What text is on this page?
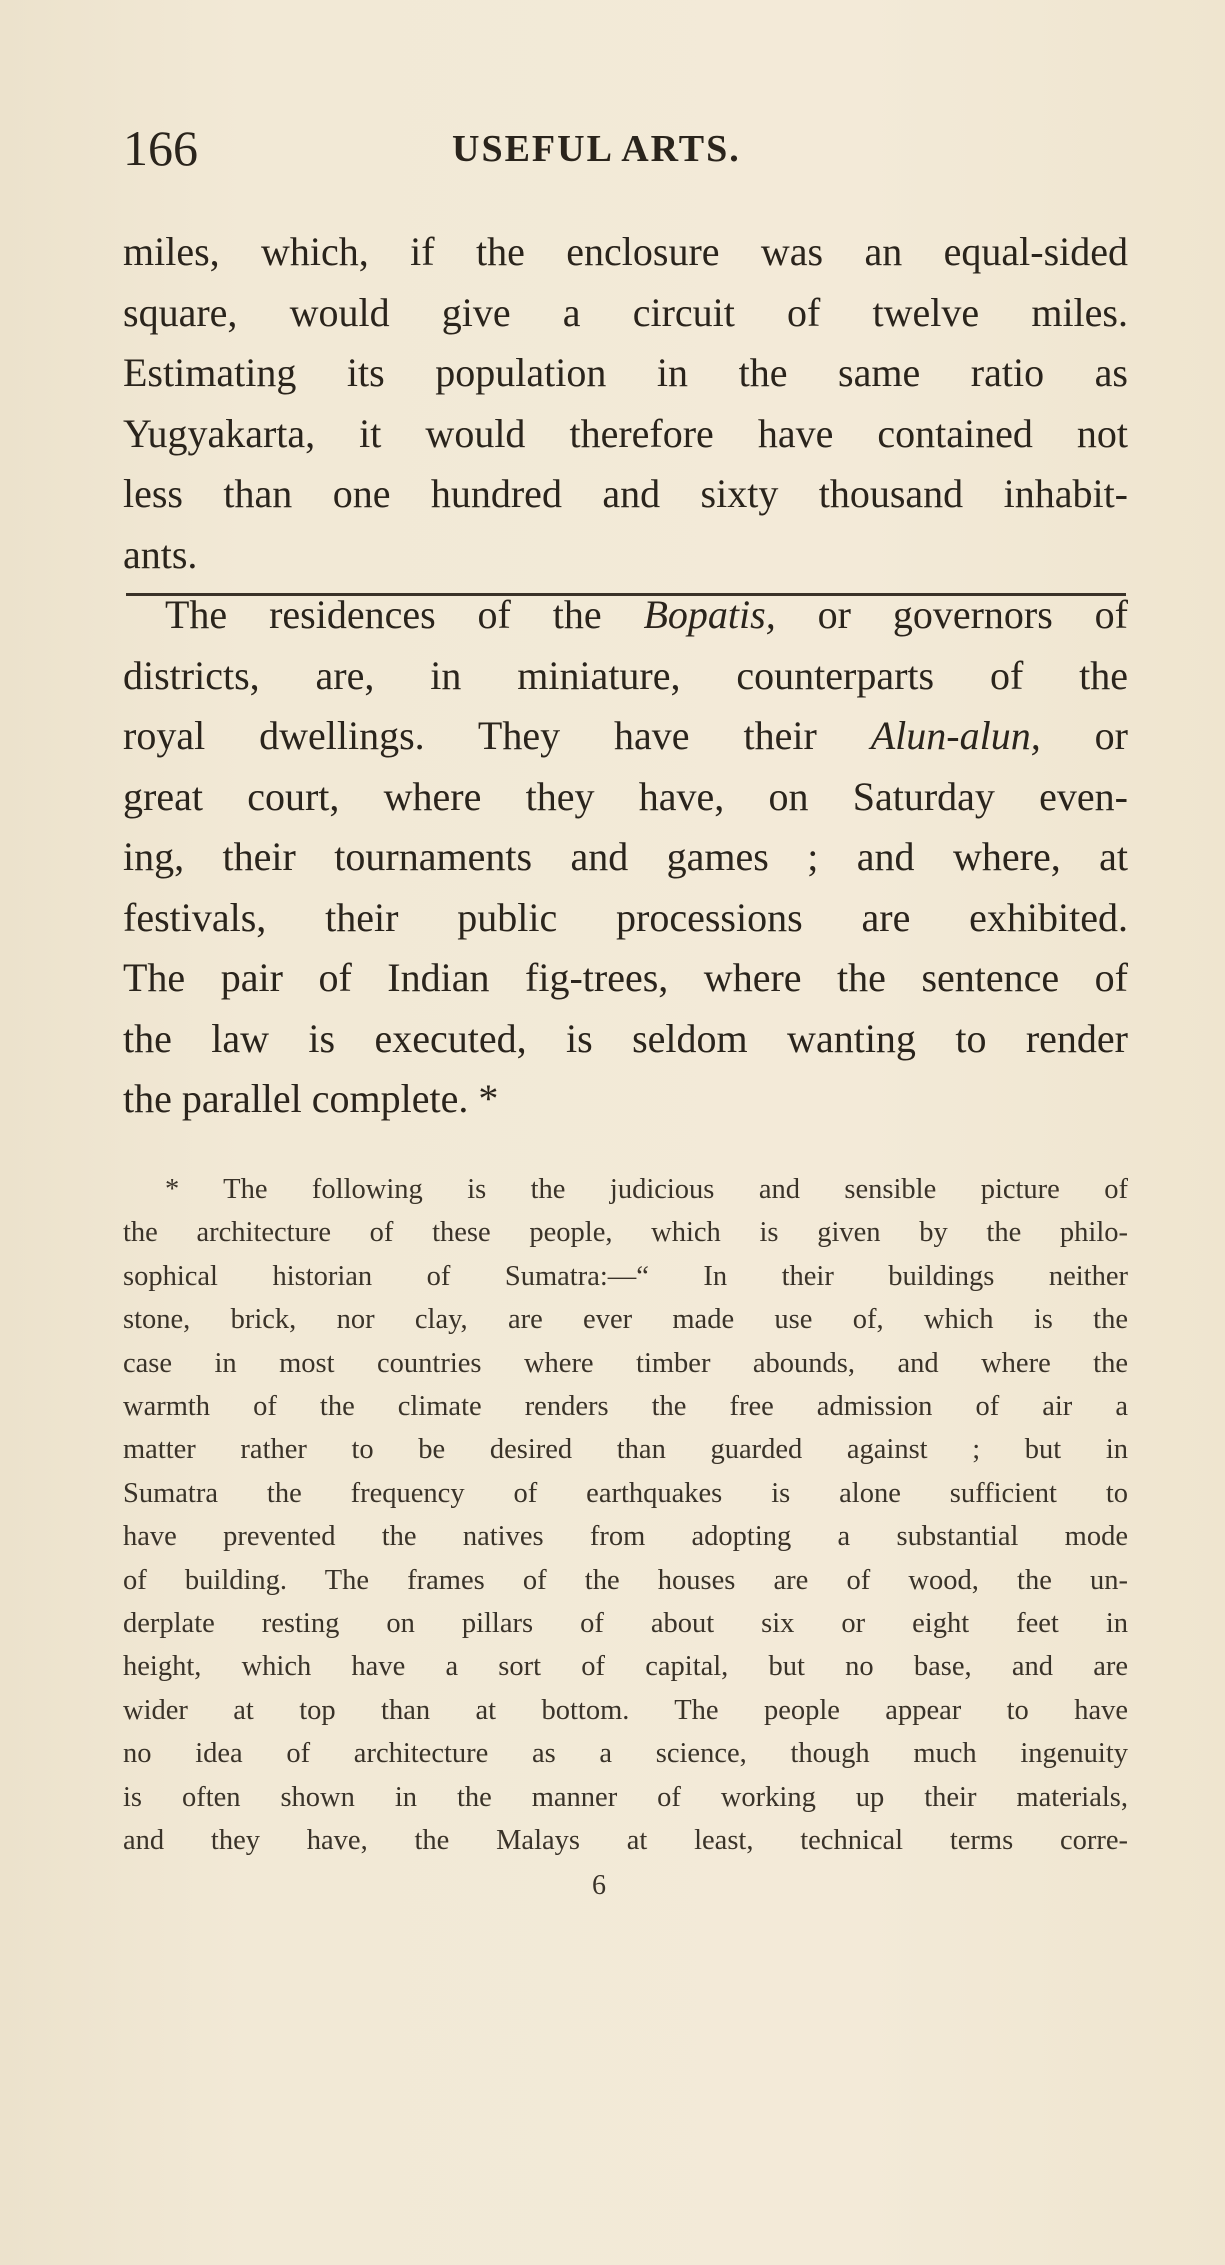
166	USEFUL ARTS.
miles, which, if the enclosure was an equal-sided
square, would give a circuit of twelve miles.
Estimating its population in the same ratio as
Yugyakarta, it would therefore have contained not
less than one hundred and sixty thousand inhabit-
ants.
The residences of the Bopatis, or governors of
districts, are, in miniature, counterparts of the
royal dwellings. They have their Alun-alun, or
great court, where they have, on Saturday even-
ing, their tournaments and games ; and where, at
festivals, their public processions are exhibited.
The pair of Indian fig-trees, where the sentence of
the law is executed, is seldom wanting to render
the parallel complete. *
* The following is the judicious and sensible picture of
the architecture of these people, which is given by the philo-
sophical historian of Sumatra:—“ In their buildings neither
stone, brick, nor clay, are ever made use of, which is the
case in most countries where timber abounds, and where the
warmth of the climate renders the free admission of air a
matter rather to be desired than guarded against ; but in
Sumatra the frequency of earthquakes is alone sufficient to
have prevented the natives from adopting a substantial mode
of building. The frames of the houses are of wood, the un-
derplate resting on pillars of about six or eight feet in
height, which have a sort of capital, but no base, and are
wider at top than at bottom. The people appear to have
no idea of architecture as a science, though much ingenuity
is often shown in the manner of working up their materials,
and they have, the Malays at least, technical terms corre-
6
